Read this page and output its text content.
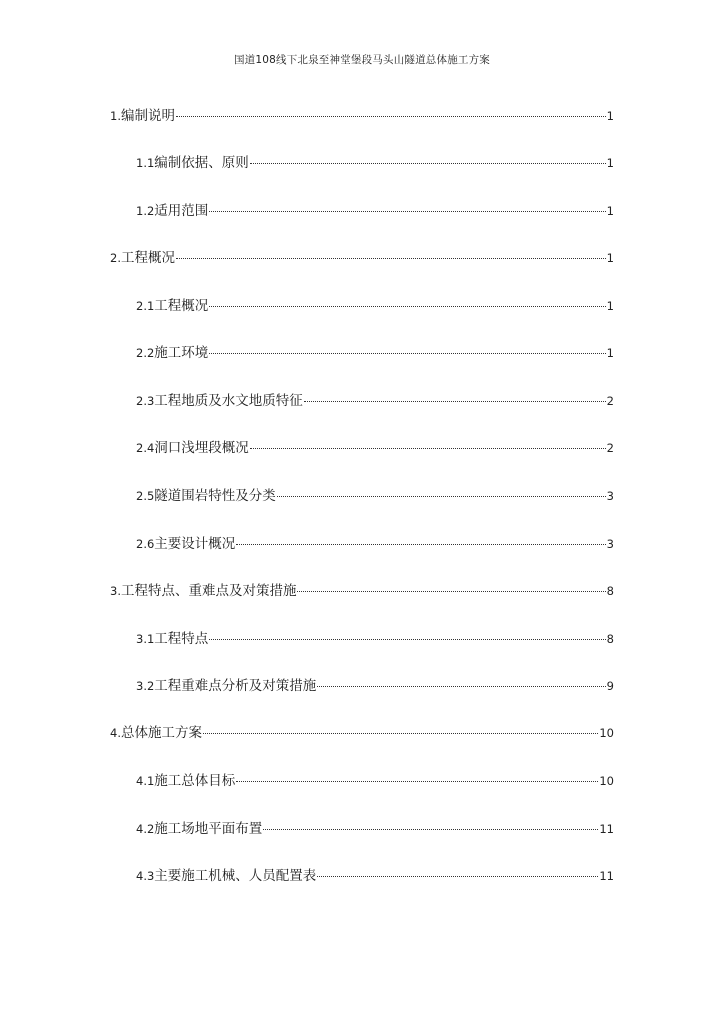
国道108线下北泉至神堂堡段马头山隧道总体施工方案
1. 编制说明	1
1.1 编制依据、原则	1
1.2 适用范围	1
2. 工程概况	1
2.1 工程概况	1
2.2 施工环境	1
2.3 工程地质及水文地质特征	2
2.4 洞口浅埋段概况	2
2.5 隧道围岩特性及分类	3
2.6 主要设计概况	3
3. 工程特点、重难点及对策措施	8
3.1 工程特点	8
3.2 工程重难点分析及对策措施	9
4. 总体施工方案	10
4.1 施工总体目标	10
4.2 施工场地平面布置	11
4.3 主要施工机械、人员配置表	11
